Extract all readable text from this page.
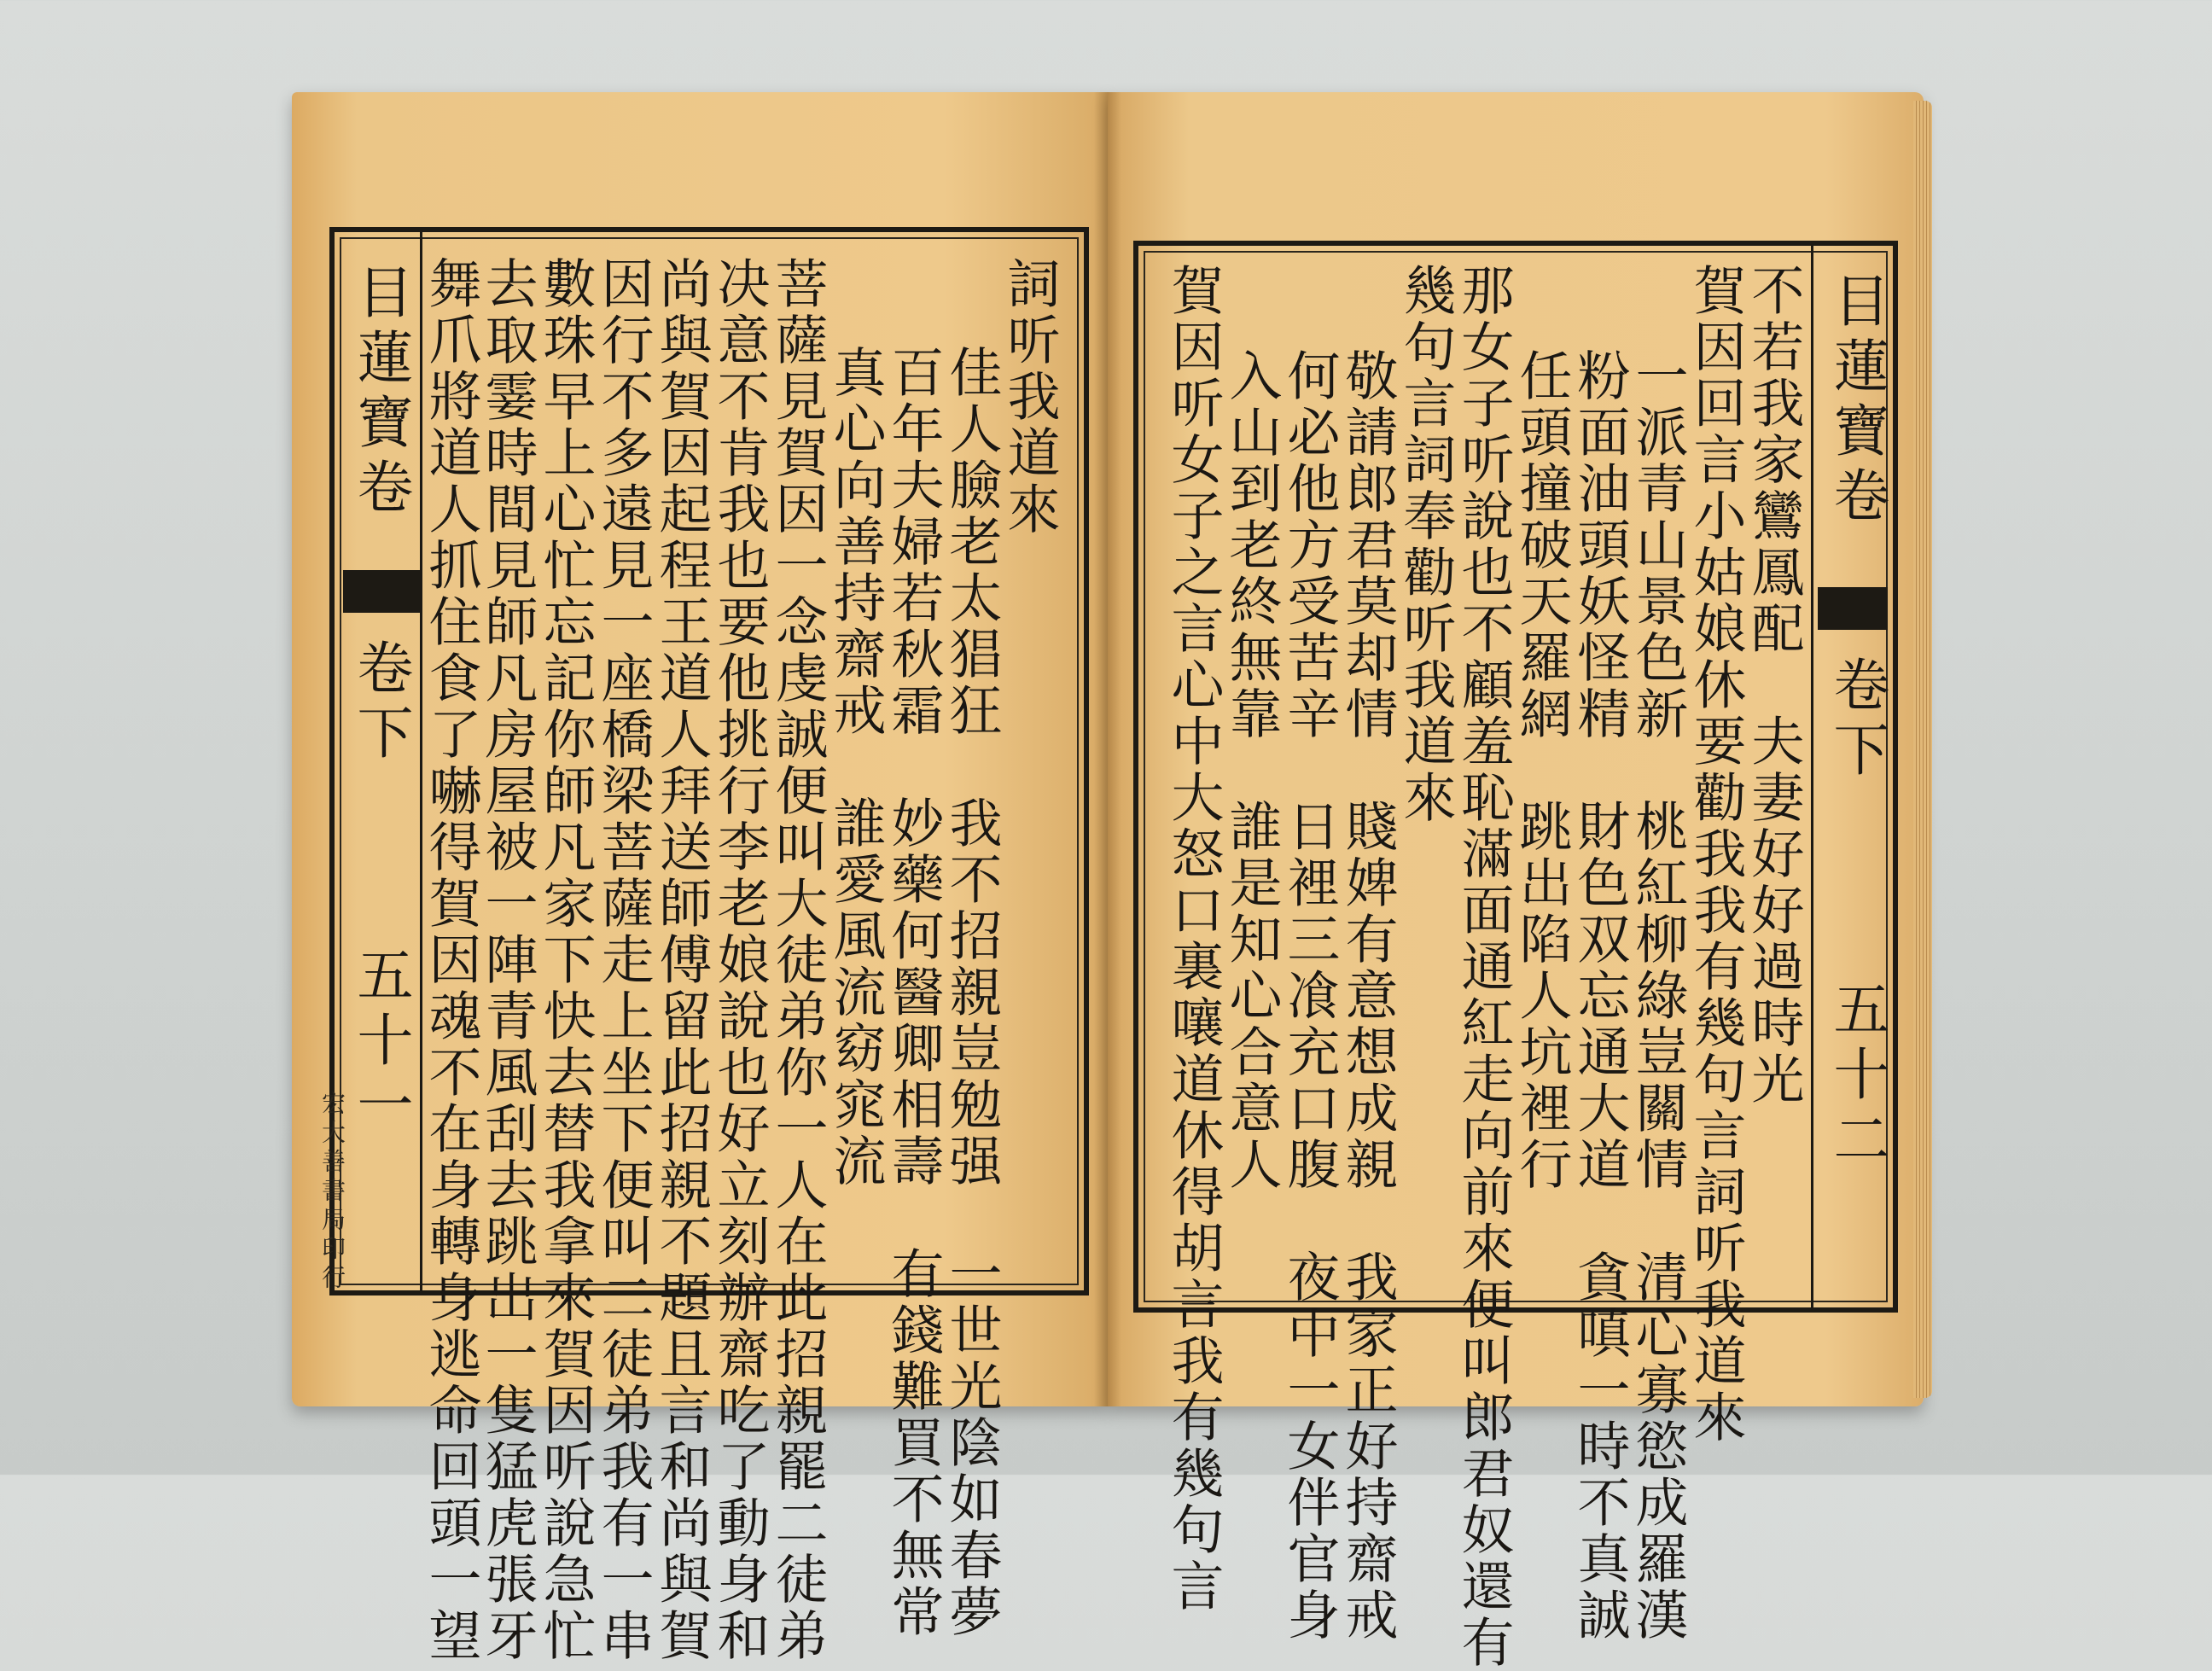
目蓮寶卷
卷下
五十一
宏大善書局印行
詞听我道來
佳人臉老太猖狂　我不招親豈勉强　一世光陰如春夢
百年夫婦若秋霜　妙藥何醫卿相壽　有錢難買不無常
真心向善持齋戒　誰愛風流窈窕流
菩薩見賀因一念虔誠便叫大徒弟你一人在此招親罷二徒弟
决意不肯我也要他挑行李老娘說也好立刻辦齋吃了動身和
尚與賀因起程王道人拜送師傅留此招親不題且言和尚與賀
因行不多遠見一座橋梁菩薩走上坐下便叫二徒弟我有一串
數珠早上心忙忘記你師凡家下快去替我拿來賀因听說急忙
去取霎時間見師凡房屋被一陣青風刮去跳出一隻猛虎張牙
舞爪將道人抓住食了嚇得賀因魂不在身轉身逃命回頭一望	目蓮寶卷
卷下
五十二
不若我家鸞鳳配　夫妻好好過時光
賀因回言小姑娘休要勸我我有幾句言詞听我道來
一派青山景色新　桃紅柳綠豈關情　清心寡慾成羅漢
粉面油頭妖怪精　財色双忘通大道　貪嗔一時不真誠
任頭撞破天羅網　跳出陷人坑裡行
那女子听說也不顧羞恥滿面通紅走向前來便叫郎君奴還有
幾句言詞奉勸听我道來
敬請郎君莫却情　賤婢有意想成親　我家正好持齋戒
何必他方受苦辛　日裡三飡充口腹　夜中一女伴官身
入山到老終無靠　誰是知心合意人
賀因听女子之言心中大怒口裏嚷道休得胡言我有幾句言
